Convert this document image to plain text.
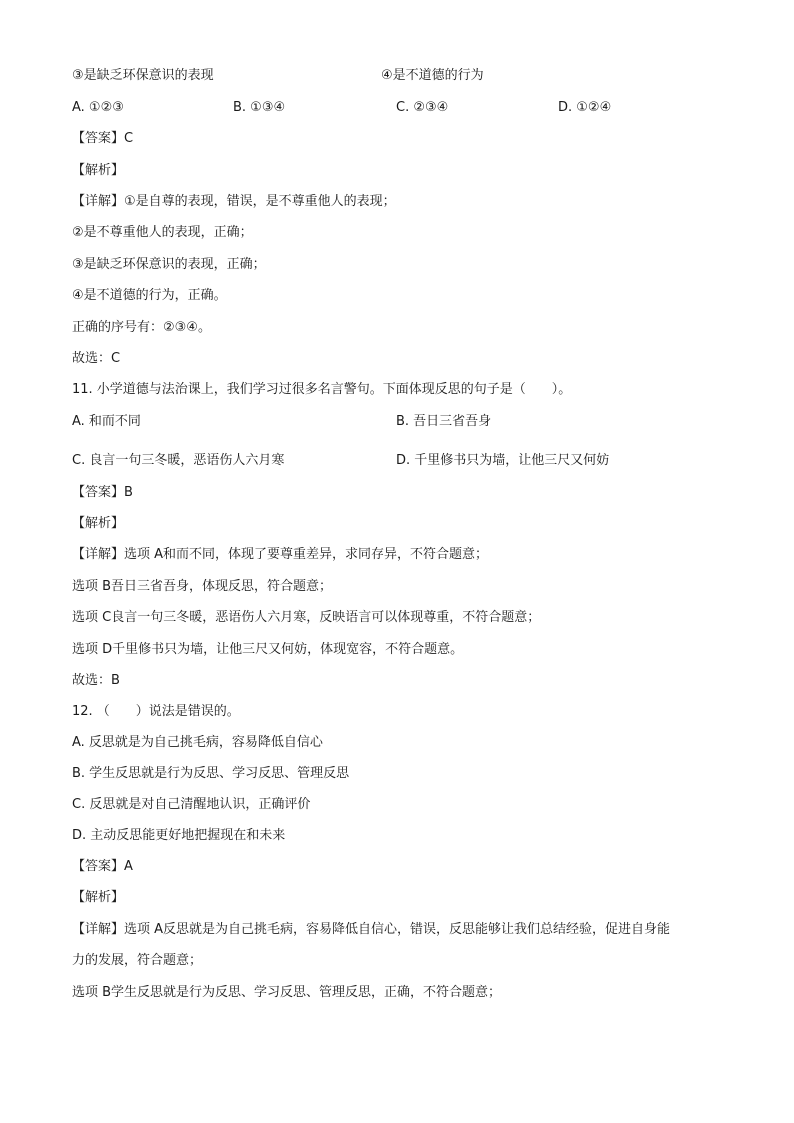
③是缺乏环保意识的表现	④是不道德的行为
A. ①②③	B. ①③④	C. ②③④	D. ①②④
【答案】C
【解析】
【详解】①是自尊的表现，错误，是不尊重他人的表现；
②是不尊重他人的表现，正确；
③是缺乏环保意识的表现，正确；
④是不道德的行为，正确。
正确的序号有：②③④。
故选：C
11. 小学道德与法治课上，我们学习过很多名言警句。下面体现反思的句子是（　　）。
A. 和而不同	B. 吾日三省吾身
C. 良言一句三冬暖，恶语伤人六月寒	D. 千里修书只为墙，让他三尺又何妨
【答案】B
【解析】
【详解】选项 A和而不同，体现了要尊重差异，求同存异，不符合题意；
选项 B吾日三省吾身，体现反思，符合题意；
选项 C良言一句三冬暖，恶语伤人六月寒，反映语言可以体现尊重，不符合题意；
选项 D千里修书只为墙，让他三尺又何妨，体现宽容，不符合题意。
故选：B
12. （　　）说法是错误的。
A. 反思就是为自己挑毛病，容易降低自信心
B. 学生反思就是行为反思、学习反思、管理反思
C. 反思就是对自己清醒地认识，正确评价
D. 主动反思能更好地把握现在和未来
【答案】A
【解析】
【详解】选项 A反思就是为自己挑毛病，容易降低自信心，错误，反思能够让我们总结经验，促进自身能
力的发展，符合题意；
选项 B学生反思就是行为反思、学习反思、管理反思，正确，不符合题意；
